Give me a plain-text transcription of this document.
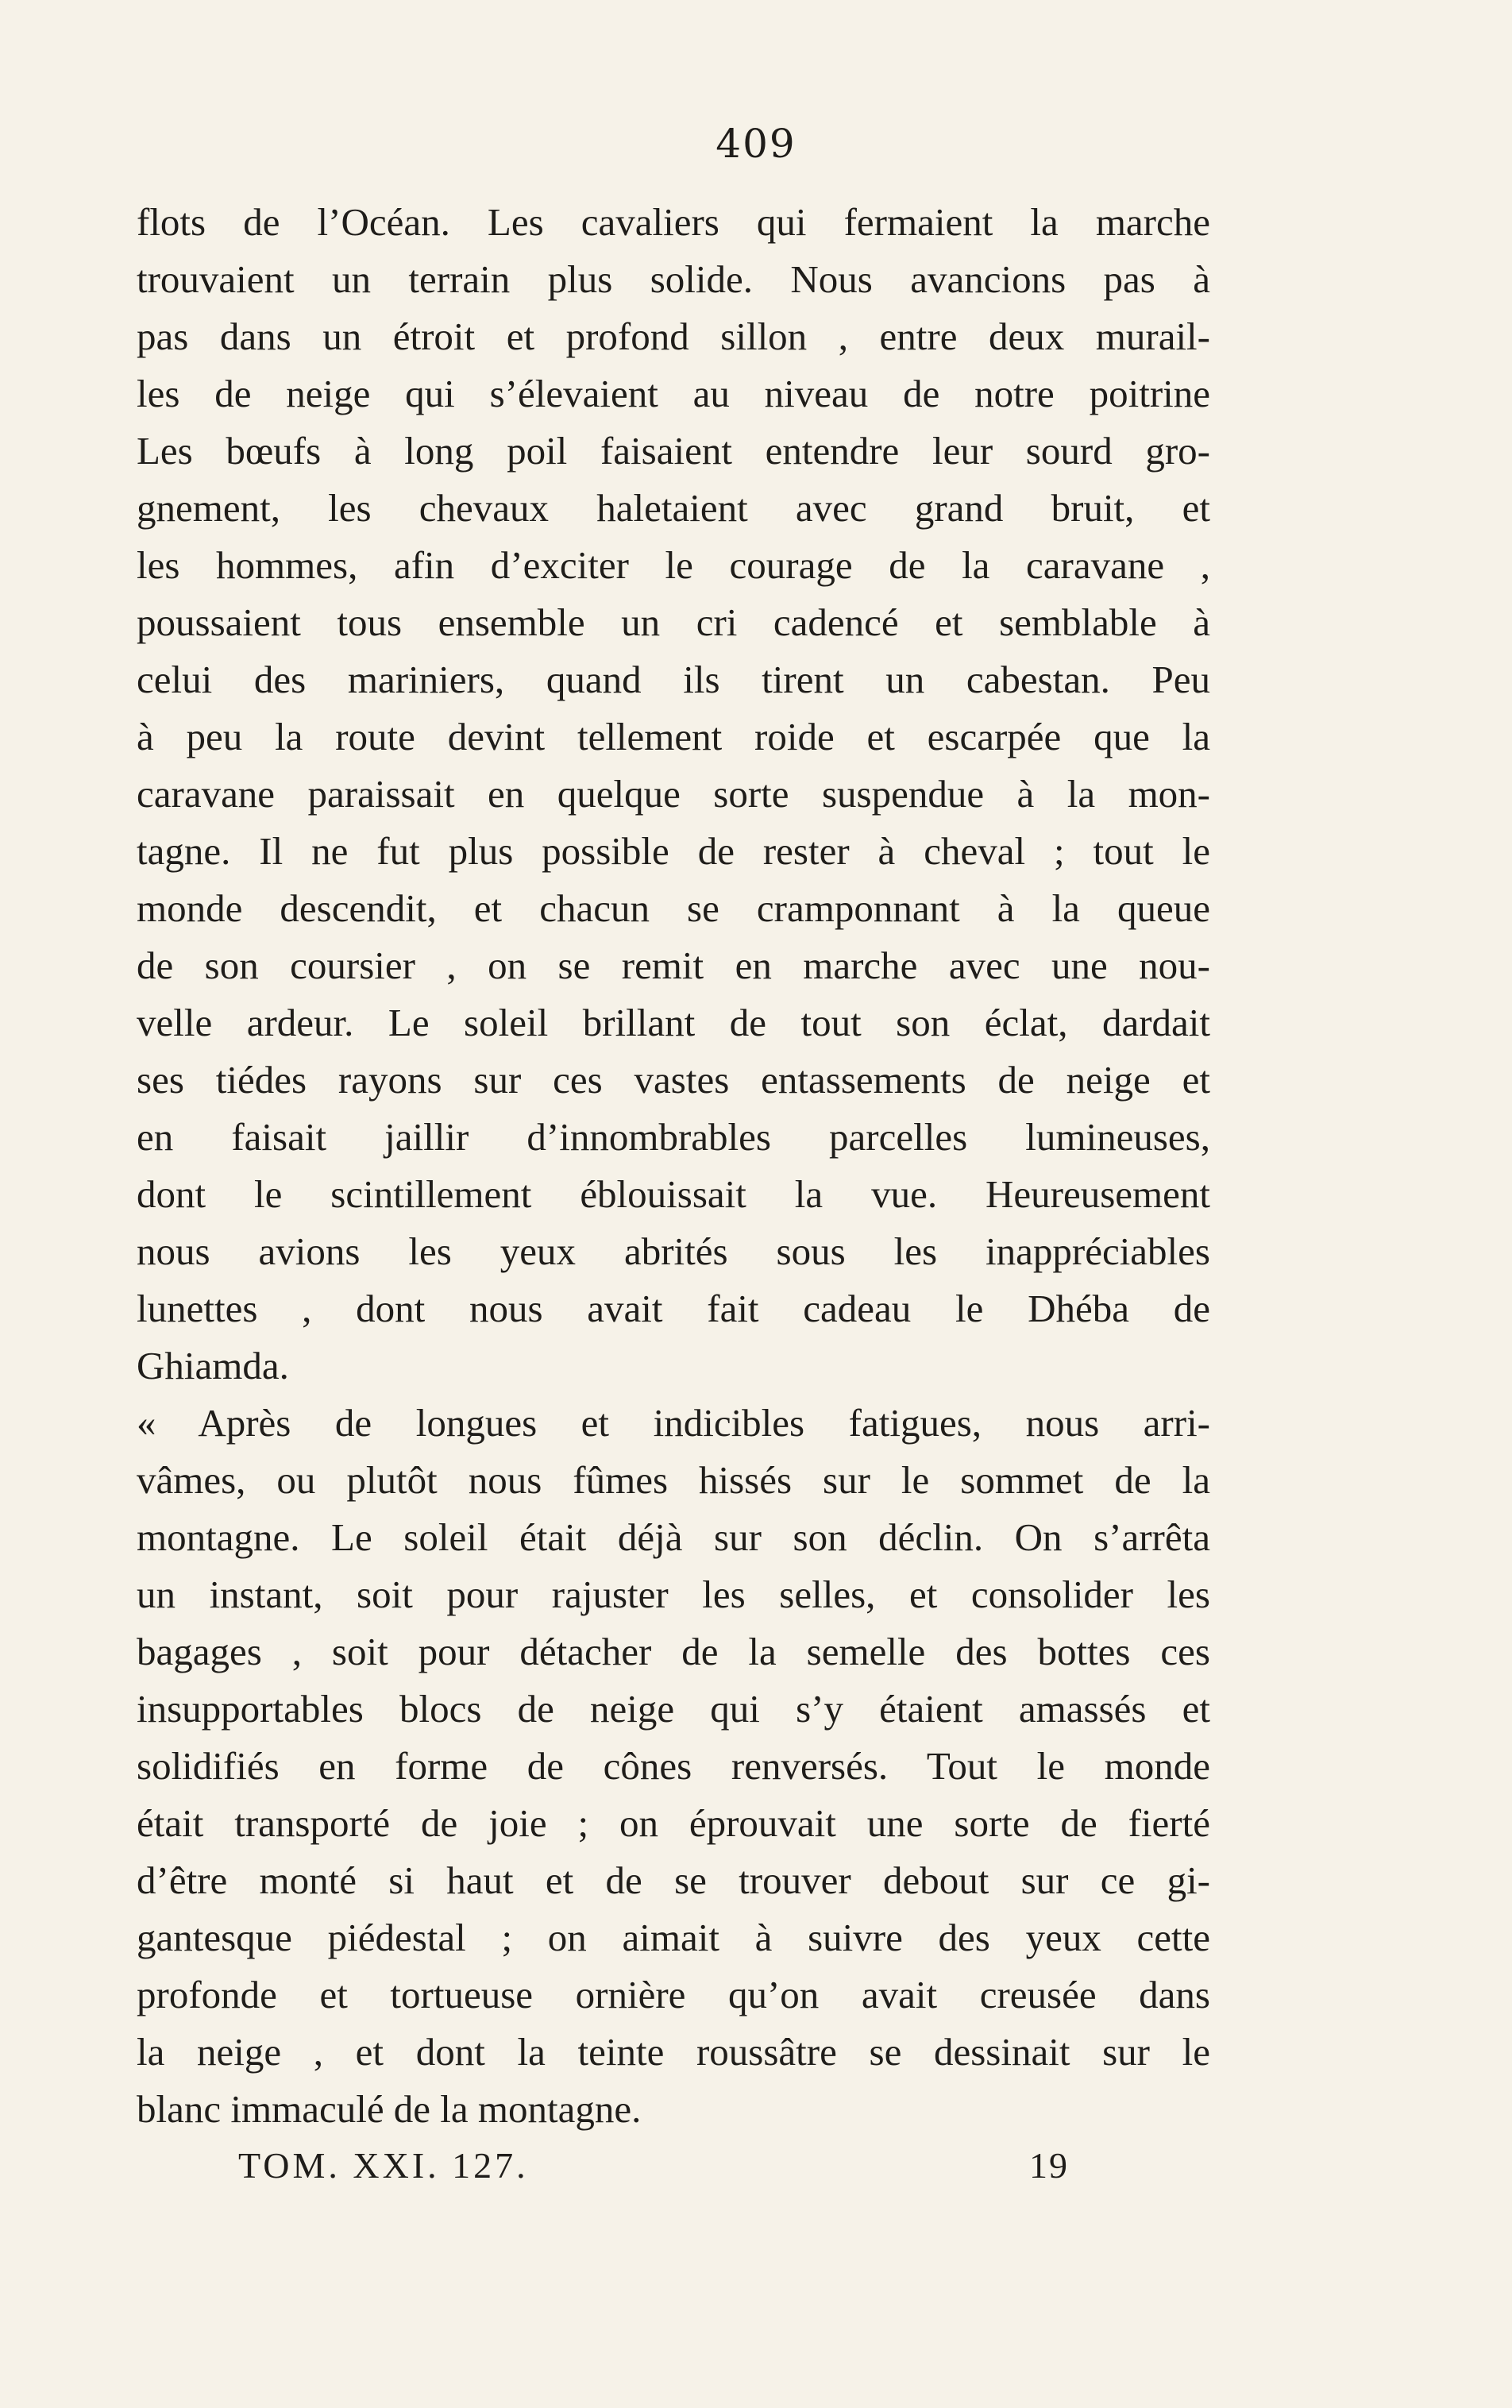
409
flots de l’Océan. Les cavaliers qui fermaient la marche
trouvaient un terrain plus solide. Nous avancions pas à
pas dans un étroit et profond sillon , entre deux murail-
les de neige qui s’élevaient au niveau de notre poitrine
Les bœufs à long poil faisaient entendre leur sourd gro-
gnement, les chevaux haletaient avec grand bruit, et
les hommes, afin d’exciter le courage de la caravane ,
poussaient tous ensemble un cri cadencé et semblable à
celui des mariniers, quand ils tirent un cabestan. Peu
à peu la route devint tellement roide et escarpée que la
caravane paraissait en quelque sorte suspendue à la mon-
tagne. Il ne fut plus possible de rester à cheval ; tout le
monde descendit, et chacun se cramponnant à la queue
de son coursier , on se remit en marche avec une nou-
velle ardeur. Le soleil brillant de tout son éclat, dardait
ses tiédes rayons sur ces vastes entassements de neige et
en faisait jaillir d’innombrables parcelles lumineuses,
dont le scintillement éblouissait la vue. Heureusement
nous avions les yeux abrités sous les inappréciables
lunettes , dont nous avait fait cadeau le Dhéba de
Ghiamda.
« Après de longues et indicibles fatigues, nous arri-
vâmes, ou plutôt nous fûmes hissés sur le sommet de la
montagne. Le soleil était déjà sur son déclin. On s’arrêta
un instant, soit pour rajuster les selles, et consolider les
bagages , soit pour détacher de la semelle des bottes ces
insupportables blocs de neige qui s’y étaient amassés et
solidifiés en forme de cônes renversés. Tout le monde
était transporté de joie ; on éprouvait une sorte de fierté
d’être monté si haut et de se trouver debout sur ce gi-
gantesque piédestal ; on aimait à suivre des yeux cette
profonde et tortueuse ornière qu’on avait creusée dans
la neige , et dont la teinte roussâtre se dessinait sur le
blanc immaculé de la montagne.
TOM. XXI. 127.	19
